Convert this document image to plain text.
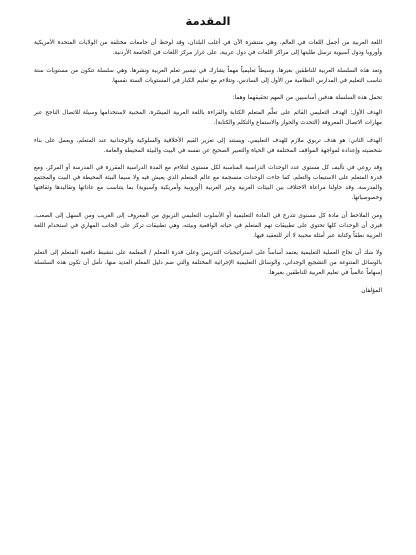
المقدمة

اللغة العربية من أجمل اللغات في العالم، وهي منتشرة الآن في أغلب البلدان، وقد لوحظ أن جامعات مختلفة من الولايات المتحدة الأمريكية وأوروبا ودول آسيوية ترسل طلبتها إلى مراكز اللغات في دول عربية، على غرار مركز اللغات في الجامعة الأردنية.

وتعد هذه السلسلة العربية للناطقين بغيرها، وسيطاً تعليمياً مهماً يشارك في تيسير تعلم العربية ونشرها. وهي سلسلة تتكون من مستويات ستة تناسب التعليم في المدارس النظامية من الأول إلى السادس، وتتلاءم مع تعليم الكبار في المستويات الستة نفسها.

تحمل هذه السلسلة هدفين أساسيين من المهم تحقيقهما وهما:

الهدف الأول: الهدف التعليمي القائم على تعلّم المتعلم الكتابة والقراءة باللغة العربية الميسّرة، المحببة لاستخدامها وسيلة للاتصال الناجح عبر مهارات الاتصال المعروفة (التحدث والحوار والاستماع والتكلم والكتابة).

الهدف الثاني: هو هدف تربوي ملازم للهدف التعليمي، ويستند إلى تعزيز القيم الأخلاقية والسلوكية والوجدانية عند المتعلم، ويعمل على بناء شخصيته وإعداده لمواجهة المواقف المختلفة في الحياة والتعبير الصحيح عن نفسه في البيت والبيئة المحيطة والعامة.

وقد روعي في تأليف كل مستوى عدد الوحدات الدراسية المناسبة لكل مستوى لتتلاءم مع المدة الدراسية المقررة في المدرسة أو المركز، ومع قدرة المتعلم على الاستيعاب والتعلم. كما جاءت الوحدات منسجمة مع عالم المتعلم الذي يعيش فيه ولا سيما البيئة المحيطة في البيت والمجتمع والمدرسة، وقد حاولنا مراعاة الاختلاف بين البيئات العربية وغير العربية (أوروبية وأمريكية وآسيوية) بما يتناسب مع عاداتها وتقاليدها وثقافتها وخصوصياتها.

ومن الملاحظ أن مادة كل مستوى تتدرج في المادة التعليمية أو الأسلوب التعليمي التربوي من المعروف إلى الغريب ومن السهل إلى الصعب. فيرى أن الوحدات كلها تحتوي على تطبيقات تهم المتعلم في حياته الواقعية وبيئته، وهي تطبيقات تركز على الجانب المهاري في استخدام اللغة العربية نطقاً وكتابة عبر أمثلة محببة لا أثر للتعقيد فيها.

ولا شك أن نجاح العملية التعليمية يعتمد أساساً على استراتيجيات التدريس وعلى قدرة المعلم / المعلمة على تنشيط دافعية المتعلم إلى التعلم بالوسائل المتنوعة من التشجيع الوجداني، والوسائل التعليمية الإجرائية المختلفة والتي ضم دليل المعلم العديد منها. نأمل أن تكون هذه السلسلة إسهاماً عالمياً في تعليم العربية للناطقين بغيرها.

المؤلفان
